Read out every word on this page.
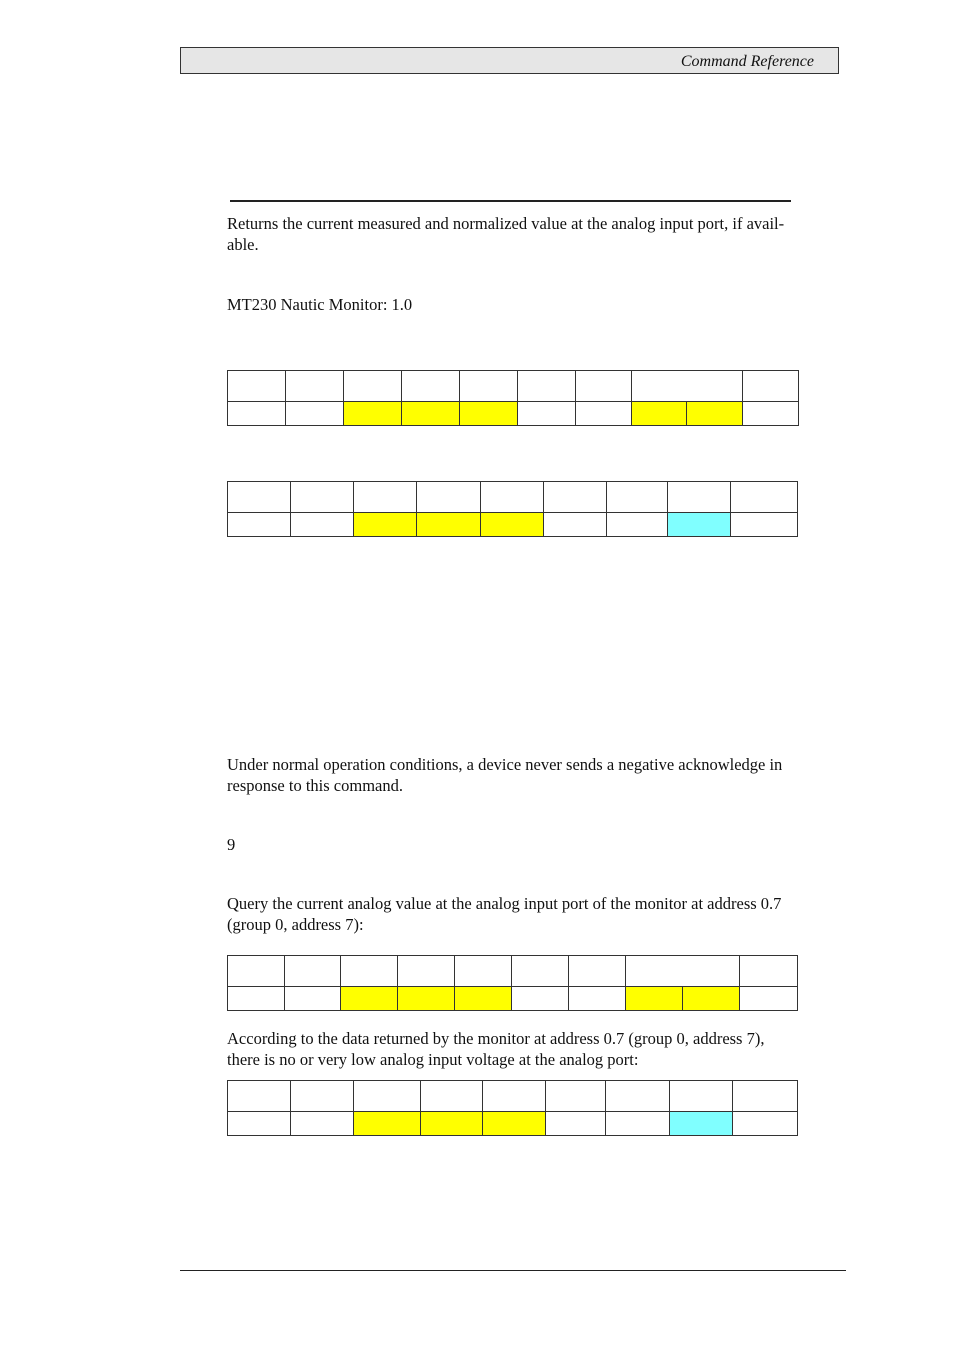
Command Reference
Returns the current measured and normalized value at the analog input port, if avail-able.
MT230 Nautic Monitor: 1.0

Under normal operation conditions, a device never sends a negative acknowledge in response to this command.
9
Query the current analog value at the analog input port of the monitor at address 0.7 (group 0, address 7):

According to the data returned by the monitor at address 0.7 (group 0, address 7), there is no or very low analog input voltage at the analog port:
